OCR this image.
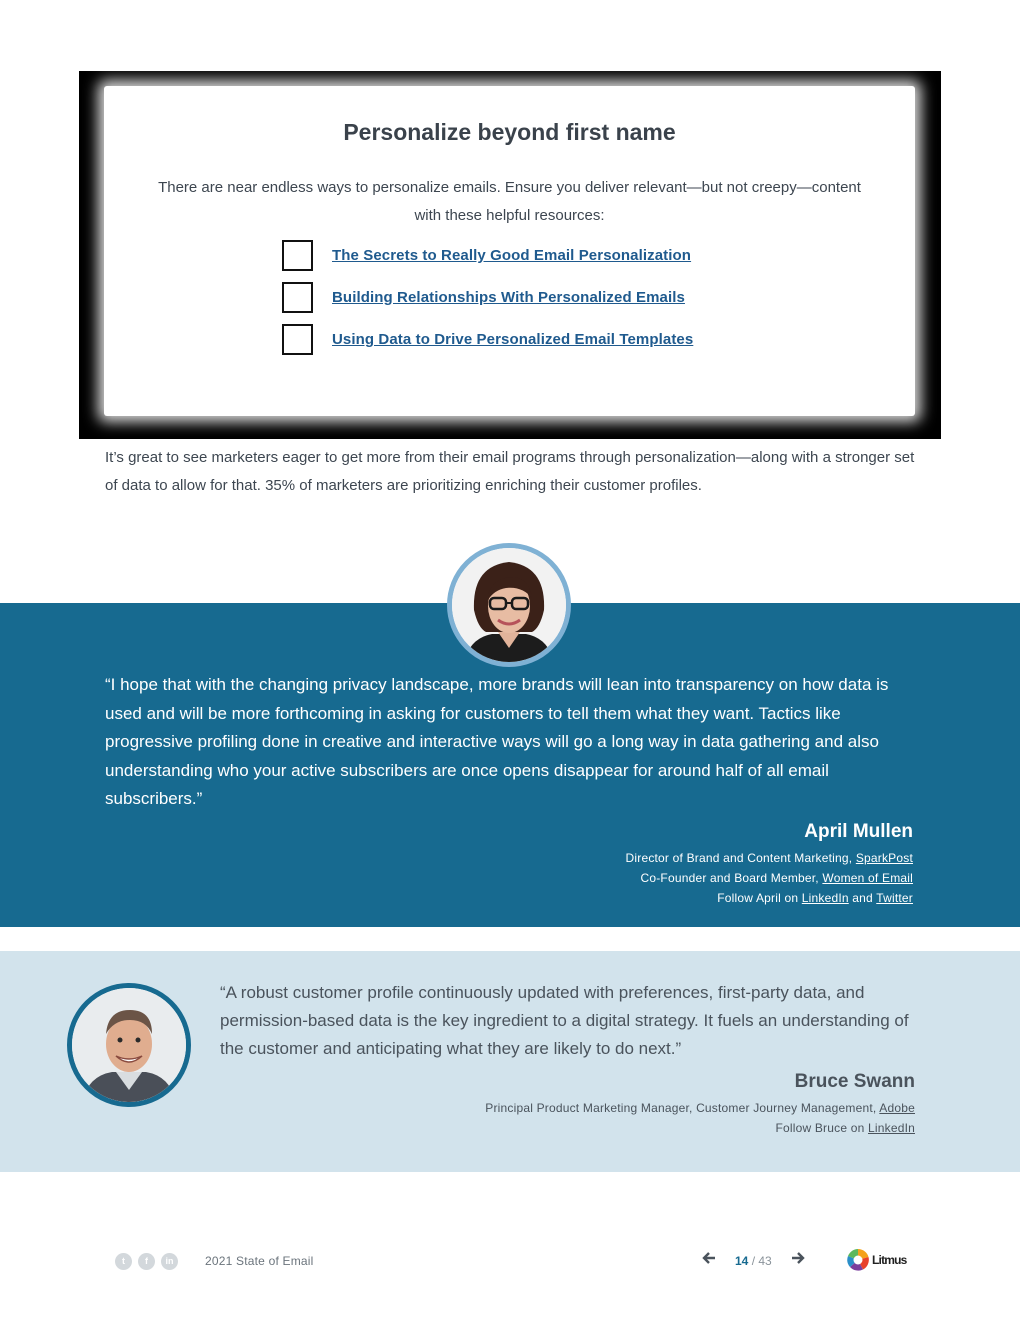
Personalize beyond first name

There are near endless ways to personalize emails. Ensure you deliver relevant—but not creepy—content with these helpful resources:

The Secrets to Really Good Email Personalization
Building Relationships With Personalized Emails
Using Data to Drive Personalized Email Templates

It’s great to see marketers eager to get more from their email programs through personalization—along with a stronger set of data to allow for that. 35% of marketers are prioritizing enriching their customer profiles.

“I hope that with the changing privacy landscape, more brands will lean into transparency on how data is used and will be more forthcoming in asking for customers to tell them what they want. Tactics like progressive profiling done in creative and interactive ways will go a long way in data gathering and also understanding who your active subscribers are once opens disappear for around half of all email subscribers.”

April Mullen
Director of Brand and Content Marketing, SparkPost
Co-Founder and Board Member, Women of Email
Follow April on LinkedIn and Twitter

“A robust customer profile continuously updated with preferences, first-party data, and permission-based data is the key ingredient to a digital strategy. It fuels an understanding of the customer and anticipating what they are likely to do next.”

Bruce Swann
Principal Product Marketing Manager, Customer Journey Management, Adobe
Follow Bruce on LinkedIn
t	f	in	2021 State of Email	14 / 43	Litmus
